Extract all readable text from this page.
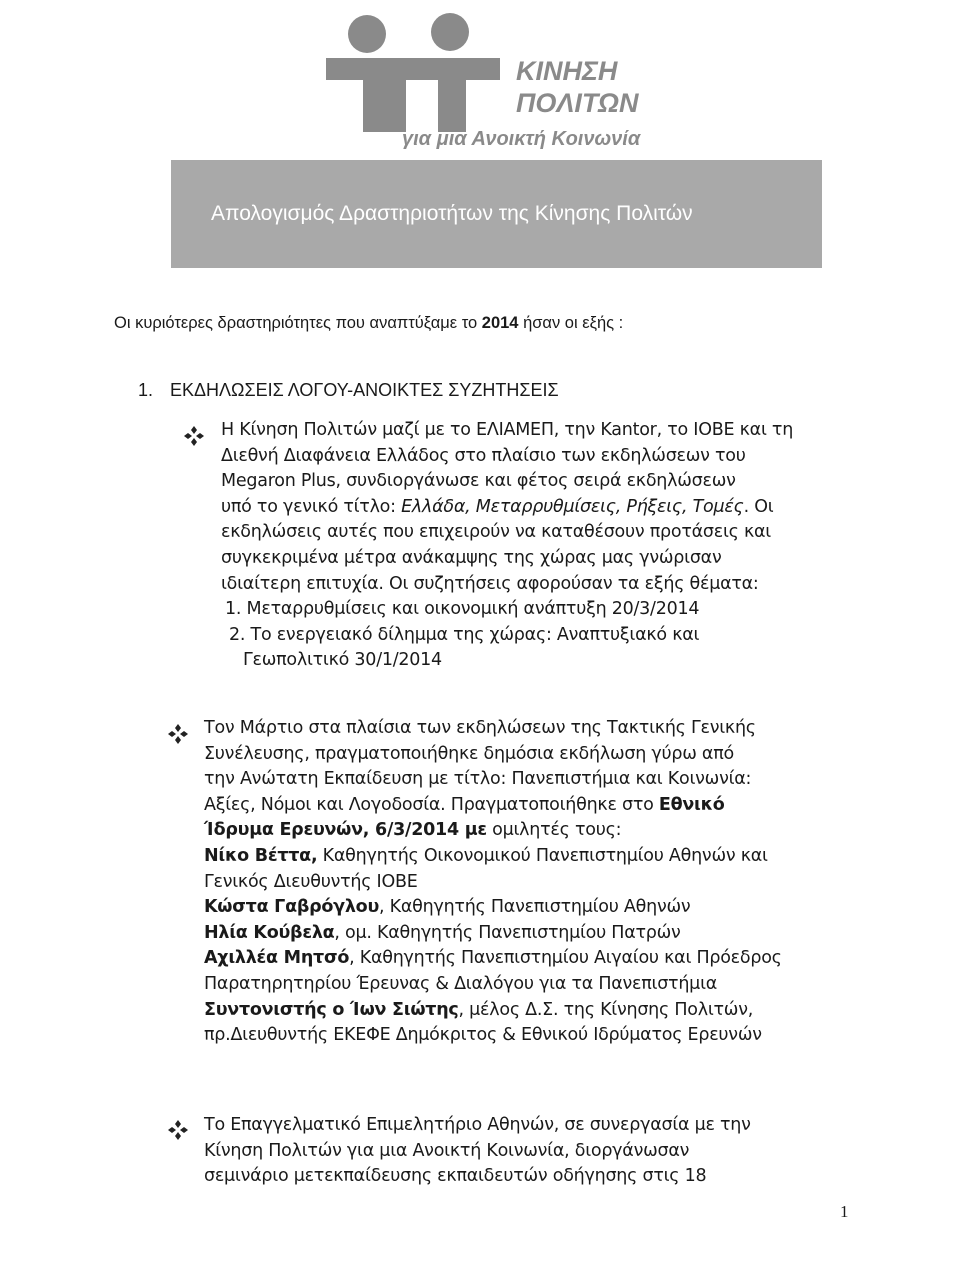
ΚΙΝΗΣΗ
ΠΟΛΙΤΩΝ
για μια Ανοικτή Κοινωνία
Απολογισμός Δραστηριοτήτων της Κίνησης Πολιτών
Οι κυριότερες δραστηριότητες που αναπτύξαμε το 2014 ήσαν οι εξής :
1. ΕΚΔΗΛΩΣΕΙΣ ΛΟΓΟΥ-ΑΝΟΙΚΤΕΣ ΣΥΖΗΤΗΣΕΙΣ
Η Κίνηση Πολιτών μαζί με το ΕΛΙΑΜΕΠ, την Kantor, το ΙΟΒΕ και τη
Διεθνή Διαφάνεια Ελλάδος στο πλαίσιο των εκδηλώσεων του
Megaron Plus, συνδιοργάνωσε και φέτος σειρά εκδηλώσεων
υπό το γενικό τίτλο: Ελλάδα, Μεταρρυθμίσεις, Ρήξεις, Τομές. Οι
εκδηλώσεις αυτές που επιχειρούν να καταθέσουν προτάσεις και
συγκεκριμένα μέτρα ανάκαμψης της χώρας μας γνώρισαν
ιδιαίτερη επιτυχία. Οι συζητήσεις αφορούσαν τα εξής θέματα:
1. Μεταρρυθμίσεις και οικονομική ανάπτυξη 20/3/2014
2. Το ενεργειακό δίλημμα της χώρας: Αναπτυξιακό και
Γεωπολιτικό 30/1/2014
Τον Μάρτιο στα πλαίσια των εκδηλώσεων της Τακτικής Γενικής
Συνέλευσης, πραγματοποιήθηκε δημόσια εκδήλωση γύρω από
την Ανώτατη Εκπαίδευση με τίτλο: Πανεπιστήμια και Κοινωνία:
Αξίες, Νόμοι και Λογοδοσία. Πραγματοποιήθηκε στο Εθνικό
Ίδρυμα Ερευνών, 6/3/2014 με ομιλητές τους:
Νίκο Βέττα, Καθηγητής Οικονομικού Πανεπιστημίου Αθηνών και
Γενικός Διευθυντής ΙΟΒΕ
Κώστα Γαβρόγλου, Καθηγητής Πανεπιστημίου Αθηνών
Ηλία Κούβελα, ομ. Καθηγητής Πανεπιστημίου Πατρών
Αχιλλέα Μητσό, Καθηγητής Πανεπιστημίου Αιγαίου και Πρόεδρος
Παρατηρητηρίου Έρευνας & Διαλόγου για τα Πανεπιστήμια
Συντονιστής ο Ίων Σιώτης, μέλος Δ.Σ. της Κίνησης Πολιτών,
πρ.Διευθυντής ΕΚΕΦΕ Δημόκριτος & Εθνικού Ιδρύματος Ερευνών
Το Επαγγελματικό Επιμελητήριο Αθηνών, σε συνεργασία με την
Κίνηση Πολιτών για μια Ανοικτή Κοινωνία, διοργάνωσαν
σεμινάριο μετεκπαίδευσης εκπαιδευτών οδήγησης στις 18
1
